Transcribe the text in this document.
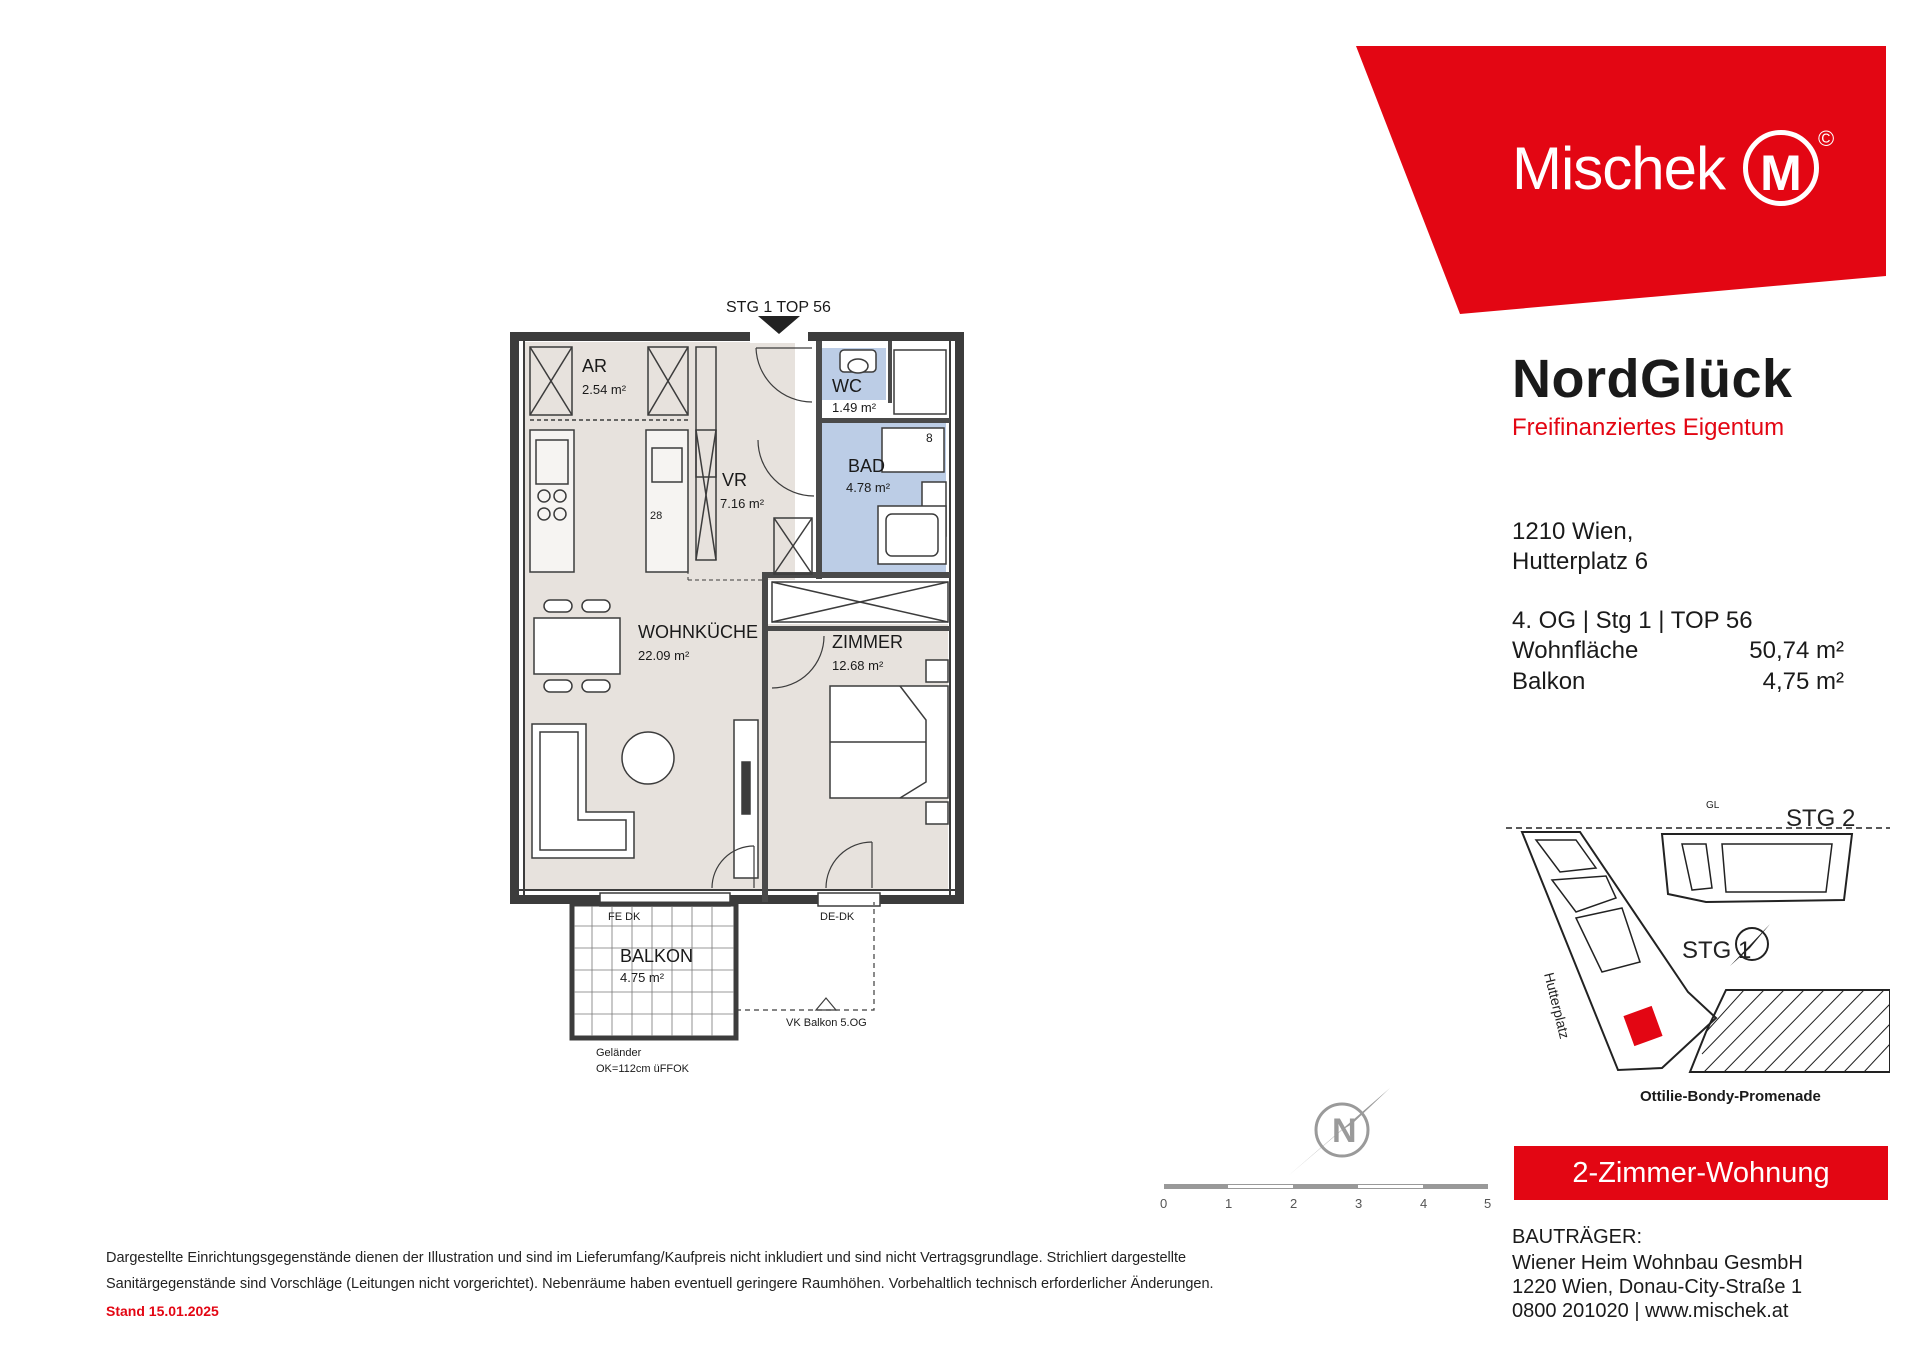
Mischek M
©
NordGlück
Freifinanziertes Eigentum
1210 Wien,
Hutterplatz 6
4. OG | Stg 1 | TOP 56
Wohnfläche	50,74 m²
Balkon	4,75 m²
GL	STG 2
STG 1
Hutterplatz
Ottilie-Bondy-Promenade
2-Zimmer-Wohnung
BAUTRÄGER:
Wiener Heim Wohnbau GesmbH
1220 Wien, Donau-City-Straße 1
0800 201020 | www.mischek.at
Dargestellte Einrichtungsgegenstände dienen der Illustration und sind im Lieferumfang/Kaufpreis nicht inkludiert und sind nicht Vertragsgrundlage. Strichliert dargestellte
Sanitärgegenstände sind Vorschläge (Leitungen nicht vorgerichtet). Nebenräume haben eventuell geringere Raumhöhen. Vorbehaltlich technisch erforderlicher Änderungen.
Stand 15.01.2025
N
0	1	2	3	4	5
STG 1 TOP 56
28
8
AR
2.54 m²	WC
1.49 m²
BAD
4.78 m²
VR
7.16 m²
WOHNKÜCHE
22.09 m²
ZIMMER
12.68 m²
BALKON
4.75 m²
FE DK	DE-DK
Geländer
OK=112cm üFFOK
VK Balkon 5.OG
